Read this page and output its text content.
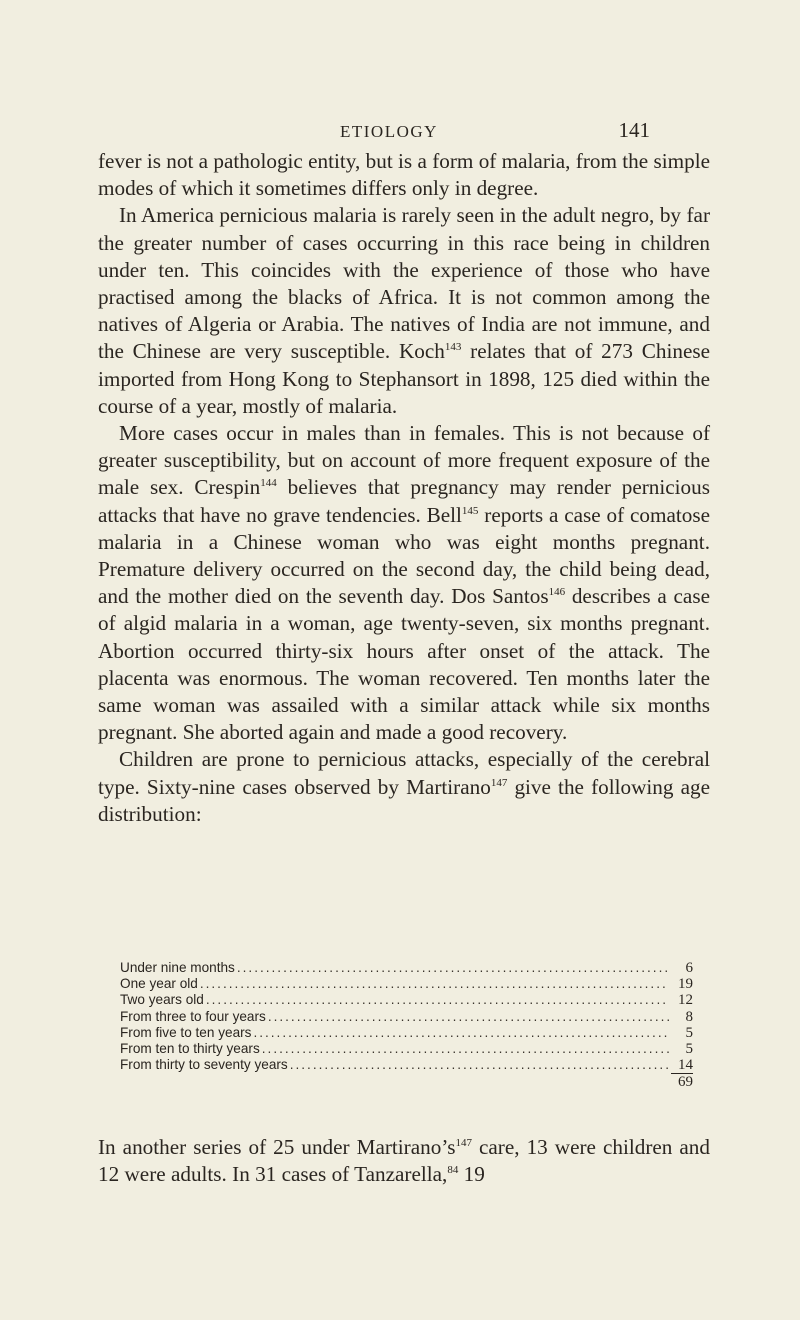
ETIOLOGY	141

fever is not a pathologic entity, but is a form of malaria, from the simple modes of which it sometimes differs only in degree.

In America pernicious malaria is rarely seen in the adult negro, by far the greater number of cases occurring in this race being in children under ten. This coincides with the experience of those who have practised among the blacks of Africa. It is not common among the natives of Algeria or Arabia. The natives of India are not immune, and the Chinese are very susceptible. Koch$^{143}$ relates that of 273 Chinese imported from Hong Kong to Stephansort in 1898, 125 died within the course of a year, mostly of malaria.

More cases occur in males than in females. This is not because of greater susceptibility, but on account of more frequent exposure of the male sex. Crespin$^{144}$ believes that pregnancy may render pernicious attacks that have no grave tendencies. Bell$^{145}$ reports a case of comatose malaria in a Chinese woman who was eight months pregnant. Premature delivery occurred on the second day, the child being dead, and the mother died on the seventh day. Dos Santos$^{146}$ describes a case of algid malaria in a woman, age twenty-seven, six months pregnant. Abortion occurred thirty-six hours after onset of the attack. The placenta was enormous. The woman recovered. Ten months later the same woman was assailed with a similar attack while six months pregnant. She aborted again and made a good recovery.

Children are prone to pernicious attacks, especially of the cerebral type. Sixty-nine cases observed by Martirano$^{147}$ give the following age distribution:

Under nine months .....	6
One year old .....	19
Two years old .....	12
From three to four years .....	8
From five to ten years .....	5
From ten to thirty years .....	5
From thirty to seventy years .....	14
69

In another series of 25 under $Martirano’s^{147}$ care, 13 were children and 12 were adults. In 31 cases of Tanzarella,$^{84}$ 19
